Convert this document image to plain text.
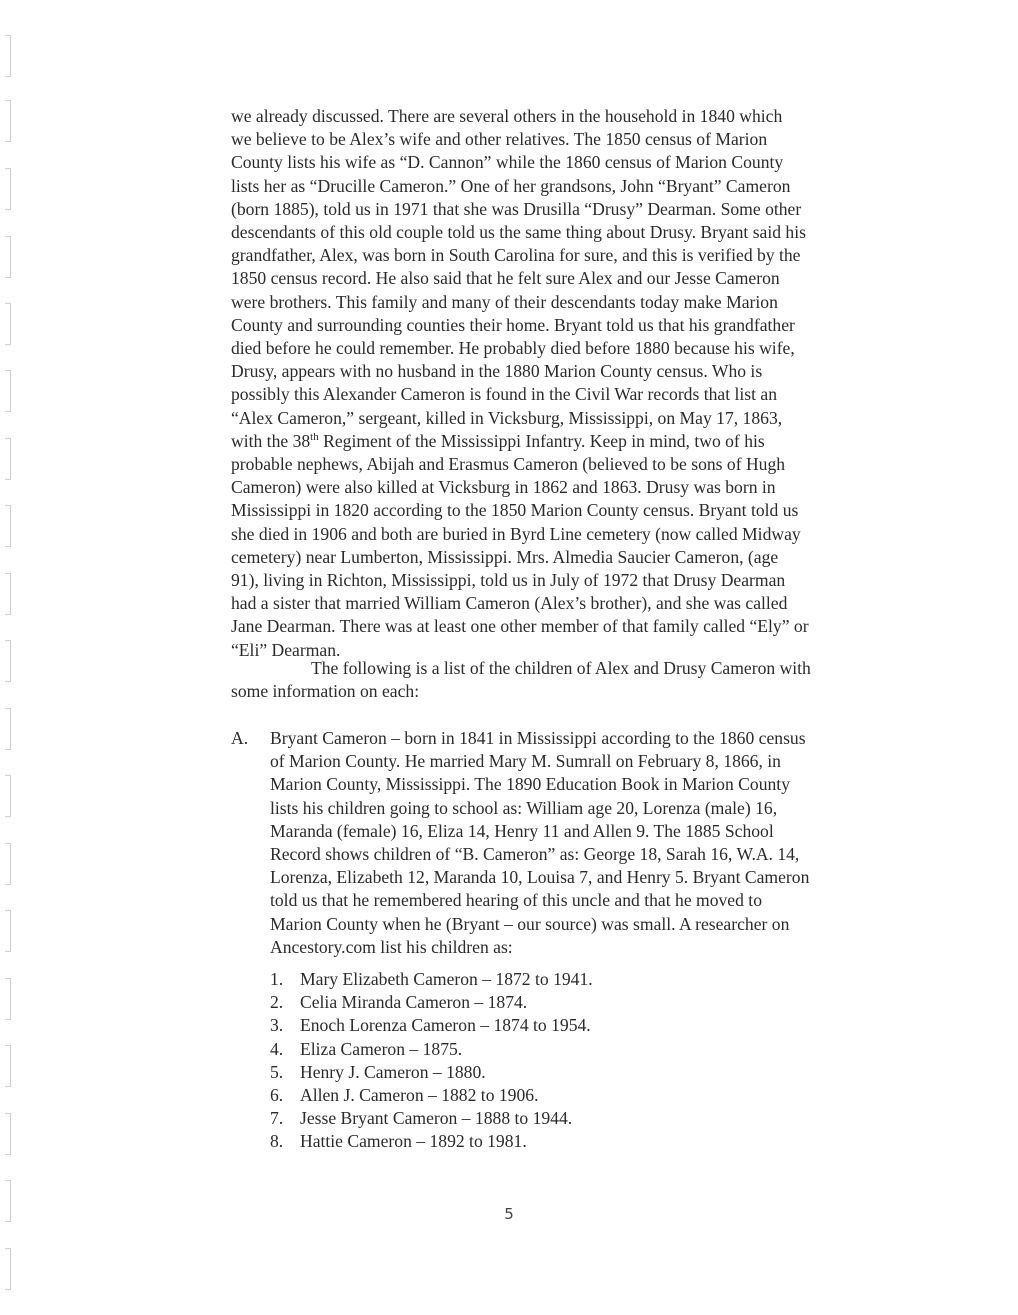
we already discussed. There are several others in the household in 1840 which
we believe to be Alex’s wife and other relatives. The 1850 census of Marion
County lists his wife as “D. Cannon” while the 1860 census of Marion County
lists her as “Drucille Cameron.” One of her grandsons, John “Bryant” Cameron
(born 1885), told us in 1971 that she was Drusilla “Drusy” Dearman. Some other
descendants of this old couple told us the same thing about Drusy. Bryant said his
grandfather, Alex, was born in South Carolina for sure, and this is verified by the
1850 census record. He also said that he felt sure Alex and our Jesse Cameron
were brothers. This family and many of their descendants today make Marion
County and surrounding counties their home. Bryant told us that his grandfather
died before he could remember. He probably died before 1880 because his wife,
Drusy, appears with no husband in the 1880 Marion County census. Who is
possibly this Alexander Cameron is found in the Civil War records that list an
“Alex Cameron,” sergeant, killed in Vicksburg, Mississippi, on May 17, 1863,
with the 38th Regiment of the Mississippi Infantry. Keep in mind, two of his
probable nephews, Abijah and Erasmus Cameron (believed to be sons of Hugh
Cameron) were also killed at Vicksburg in 1862 and 1863. Drusy was born in
Mississippi in 1820 according to the 1850 Marion County census. Bryant told us
she died in 1906 and both are buried in Byrd Line cemetery (now called Midway
cemetery) near Lumberton, Mississippi. Mrs. Almedia Saucier Cameron, (age
91), living in Richton, Mississippi, told us in July of 1972 that Drusy Dearman
had a sister that married William Cameron (Alex’s brother), and she was called
Jane Dearman. There was at least one other member of that family called “Ely” or
“Eli” Dearman.
The following is a list of the children of Alex and Drusy Cameron with
some information on each:
A. Bryant Cameron – born in 1841 in Mississippi according to the 1860 census
of Marion County. He married Mary M. Sumrall on February 8, 1866, in
Marion County, Mississippi. The 1890 Education Book in Marion County
lists his children going to school as: William age 20, Lorenza (male) 16,
Maranda (female) 16, Eliza 14, Henry 11 and Allen 9. The 1885 School
Record shows children of “B. Cameron” as: George 18, Sarah 16, W.A. 14,
Lorenza, Elizabeth 12, Maranda 10, Louisa 7, and Henry 5. Bryant Cameron
told us that he remembered hearing of this uncle and that he moved to
Marion County when he (Bryant – our source) was small. A researcher on
Ancestory.com list his children as:
1. Mary Elizabeth Cameron – 1872 to 1941.
2. Celia Miranda Cameron – 1874.
3. Enoch Lorenza Cameron – 1874 to 1954.
4. Eliza Cameron – 1875.
5. Henry J. Cameron – 1880.
6. Allen J. Cameron – 1882 to 1906.
7. Jesse Bryant Cameron – 1888 to 1944.
8. Hattie Cameron – 1892 to 1981.
5
